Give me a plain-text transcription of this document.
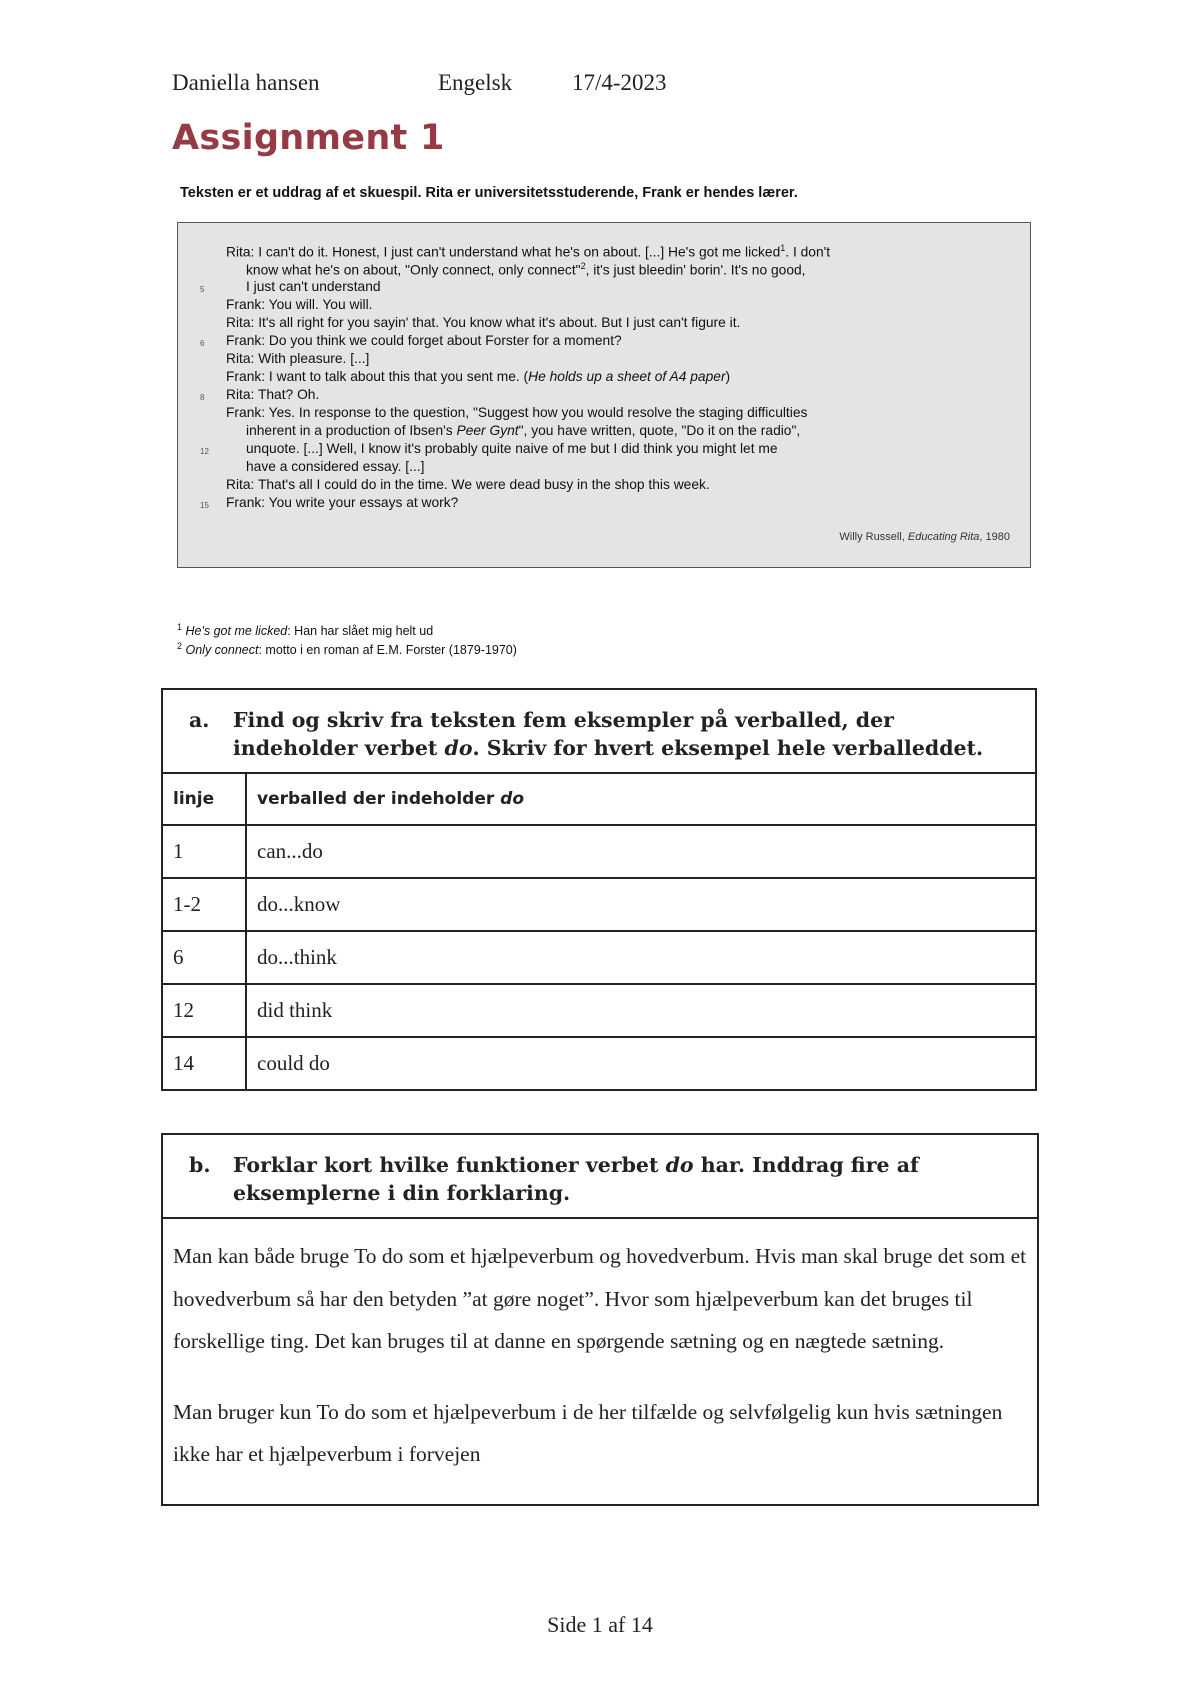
Daniella hansen	Engelsk	17/4-2023
Assignment 1
Teksten er et uddrag af et skuespil. Rita er universitetsstuderende, Frank er hendes lærer.
Rita: I can't do it. Honest, I just can't understand what he's on about. [...] He's got me licked$^1$. I don't
know what he's on about, "Only connect, only connect"$^2$, it's just bleedin' borin'. It's no good,
I just can't understand
Frank: You will. You will.
Rita: It's all right for you sayin' that. You know what it's about. But I just can't figure it.
Frank: Do you think we could forget about Forster for a moment?
Rita: With pleasure. [...]
Frank: I want to talk about this that you sent me. (He holds up a sheet of A4 paper)
Rita: That? Oh.
Frank: Yes. In response to the question, "Suggest how you would resolve the staging difficulties
inherent in a production of Ibsen's Peer Gynt", you have written, quote, "Do it on the radio",
unquote. [...] Well, I know it's probably quite naive of me but I did think you might let me
have a considered essay. [...]
Rita: That's all I could do in the time. We were dead busy in the shop this week.
Frank: You write your essays at work?
5
6
8
12
15
Willy Russell, Educating Rita, 1980
$^1$ He's got me licked: Han har slået mig helt ud
$^2$ Only connect: motto i en roman af E.M. Forster (1879-1970)
a. Find og skriv fra teksten fem eksempler på verballed, der indeholder verbet do. Skriv for hvert eksempel hele verballeddet.	

linje	verballed der indeholder do
1	can...do
1-2	do...know
6	do...think
12	did think
14	could do
b.	Forklar kort hvilke funktioner verbet do har. Inddrag fire af eksemplerne i din forklaring.

Man kan både bruge To do som et hjælpeverbum og hovedverbum. Hvis man skal bruge det som et hovedverbum så har den betyden ”at gøre noget”. Hvor som hjælpeverbum kan det bruges til forskellige ting. Det kan bruges til at danne en spørgende sætning og en nægtede sætning.

Man bruger kun To do som et hjælpeverbum i de her tilfælde og selvfølgelig kun hvis sætningen ikke har et hjælpeverbum i forvejen

Side 1 af 14
